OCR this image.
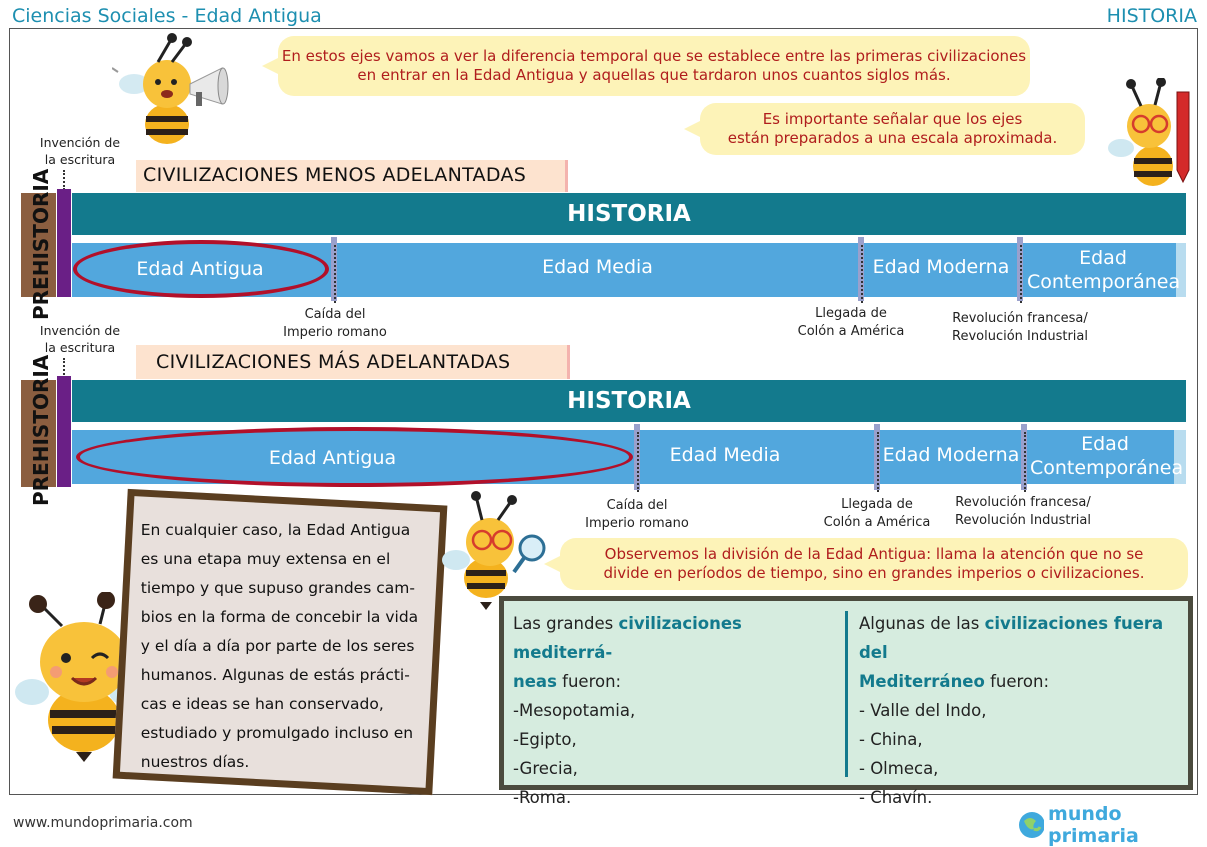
Ciencias Sociales - Edad Antigua	HISTORIA
En estos ejes vamos a ver la diferencia temporal que se establece entre las primeras civilizaciones en entrar en la Edad Antigua y aquellas que tardaron unos cuantos siglos más.
Es importante señalar que los ejes
están preparados a una escala aproximada.
Invención de
la escritura
CIVILIZACIONES MENOS ADELANTADAS
PREHISTORIA	HISTORIA
Edad Antigua	Edad Media	Edad Moderna	Edad
Contemporánea
Caída del
Imperio romano
Llegada de
Colón a América
Revolución francesa/
Revolución Industrial
Invención de
la escritura
CIVILIZACIONES MÁS ADELANTADAS
PREHISTORIA	HISTORIA
Edad Antigua	Edad Media	Edad Moderna	Edad
Contemporánea
Caída del
Imperio romano
Llegada de
Colón a América
Revolución francesa/
Revolución Industrial
En cualquier caso, la Edad Antigua
es una etapa muy extensa en el
tiempo y que supuso grandes cam-
bios en la forma de concebir la vida
y el día a día por parte de los seres
humanos. Algunas de estás prácti-
cas e ideas se han conservado,
estudiado y promulgado incluso en
nuestros días.
Observemos la división de la Edad Antigua: llama la atención que no se
divide en períodos de tiempo, sino en grandes imperios o civilizaciones.
Las grandes civilizaciones mediterrá-
neas fueron:
-Mesopotamia,
-Egipto,
-Grecia,
-Roma.
Algunas de las civilizaciones fuera del
Mediterráneo fueron:
- Valle del Indo,
- China,
- Olmeca,
- Chavín.
www.mundoprimaria.com	mundo primaria
